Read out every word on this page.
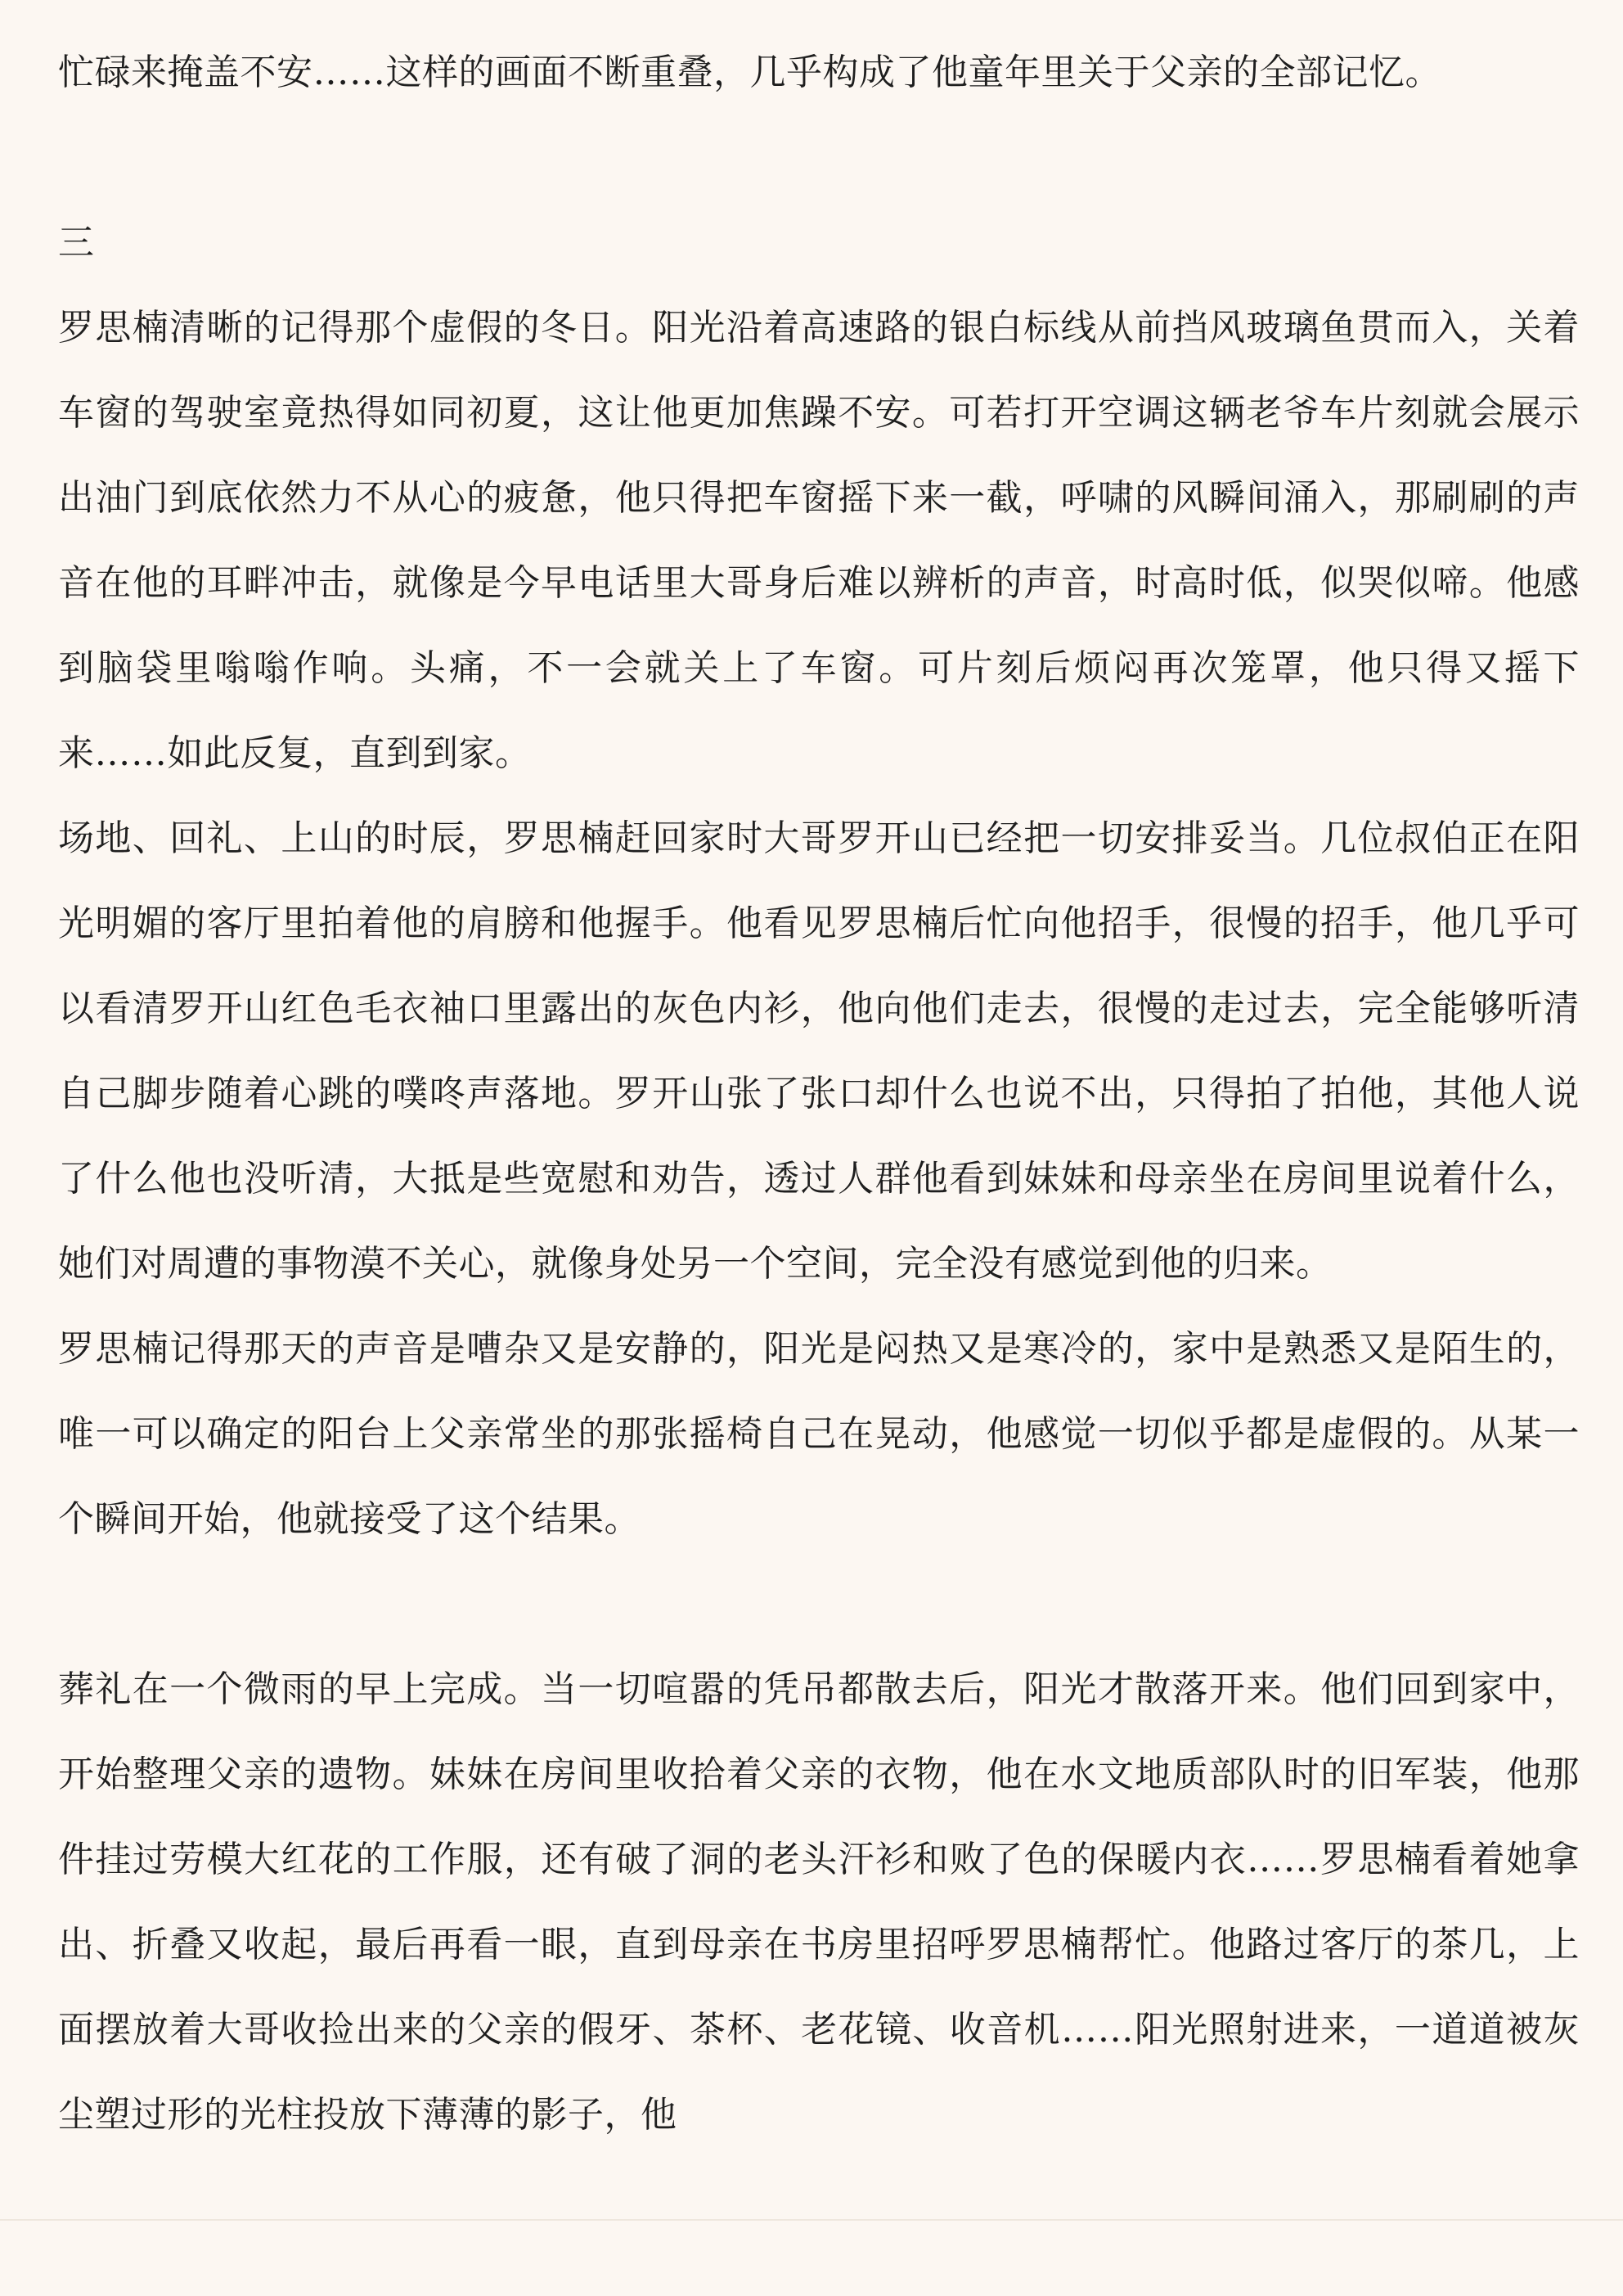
忙碌来掩盖不安……这样的画面不断重叠，几乎构成了他童年里关于父亲的全部记忆。

三

罗思楠清晰的记得那个虚假的冬日。阳光沿着高速路的银白标线从前挡风玻璃鱼贯而入，关着车窗的驾驶室竟热得如同初夏，这让他更加焦躁不安。可若打开空调这辆老爷车片刻就会展示出油门到底依然力不从心的疲惫，他只得把车窗摇下来一截，呼啸的风瞬间涌入，那刷刷的声音在他的耳畔冲击，就像是今早电话里大哥身后难以辨析的声音，时高时低，似哭似啼。他感到脑袋里嗡嗡作响。头痛，不一会就关上了车窗。可片刻后烦闷再次笼罩，他只得又摇下来……如此反复，直到到家。

场地、回礼、上山的时辰，罗思楠赶回家时大哥罗开山已经把一切安排妥当。几位叔伯正在阳光明媚的客厅里拍着他的肩膀和他握手。他看见罗思楠后忙向他招手，很慢的招手，他几乎可以看清罗开山红色毛衣袖口里露出的灰色内衫，他向他们走去，很慢的走过去，完全能够听清自己脚步随着心跳的噗咚声落地。罗开山张了张口却什么也说不出，只得拍了拍他，其他人说了什么他也没听清，大抵是些宽慰和劝告，透过人群他看到妹妹和母亲坐在房间里说着什么，她们对周遭的事物漠不关心，就像身处另一个空间，完全没有感觉到他的归来。

罗思楠记得那天的声音是嘈杂又是安静的，阳光是闷热又是寒冷的，家中是熟悉又是陌生的，唯一可以确定的阳台上父亲常坐的那张摇椅自己在晃动，他感觉一切似乎都是虚假的。从某一个瞬间开始，他就接受了这个结果。

葬礼在一个微雨的早上完成。当一切喧嚣的凭吊都散去后，阳光才散落开来。他们回到家中，开始整理父亲的遗物。妹妹在房间里收拾着父亲的衣物，他在水文地质部队时的旧军装，他那件挂过劳模大红花的工作服，还有破了洞的老头汗衫和败了色的保暖内衣……罗思楠看着她拿出、折叠又收起，最后再看一眼，直到母亲在书房里招呼罗思楠帮忙。他路过客厅的茶几，上面摆放着大哥收捡出来的父亲的假牙、茶杯、老花镜、收音机……阳光照射进来，一道道被灰尘塑过形的光柱投放下薄薄的影子，他
